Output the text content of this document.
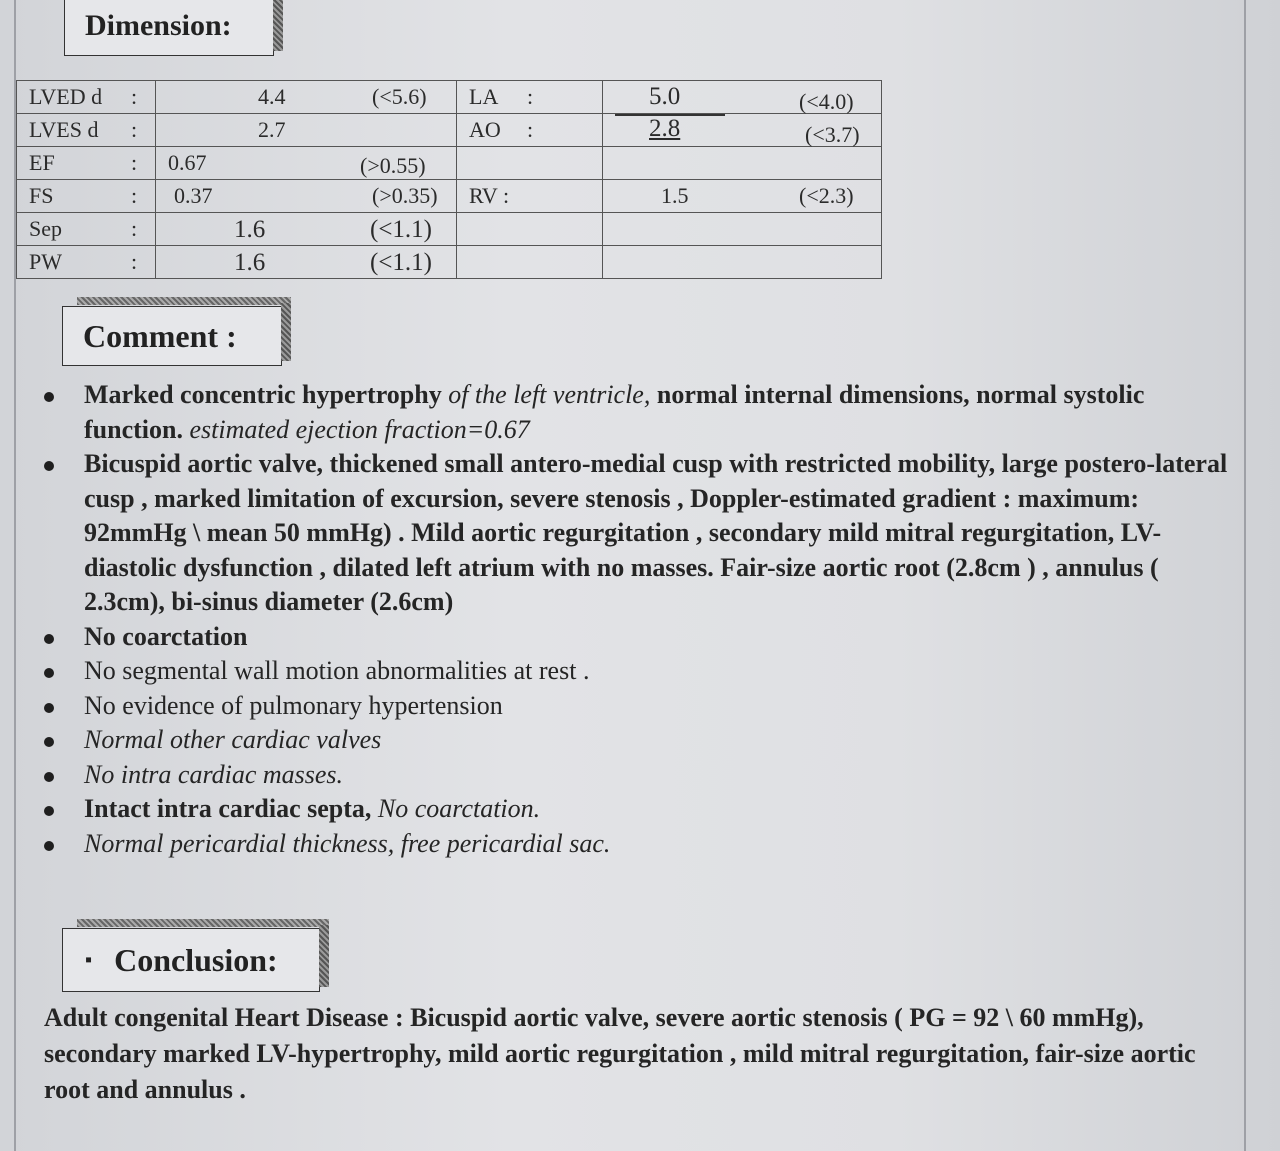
Dimension:
LVED d :	4.4 (<5.6)	LA :	5.0 (<4.0)

LVES d :	2.7	AO :	2.8 (<3.7)

EF :	0.67 (>0.55)		

FS :	0.37 (>0.35)	RV :	1.5 (<2.3)

Sep :	1.6 (<1.1)		

PW :	1.6 (<1.1)		

Comment :
Marked concentric hypertrophy of the left ventricle, normal internal dimensions, normal systolic function. estimated ejection fraction=0.67
Bicuspid aortic valve, thickened small antero-medial cusp with restricted mobility, large postero-lateral cusp , marked limitation of excursion, severe stenosis , Doppler-estimated gradient : maximum: 92mmHg \ mean 50 mmHg) . Mild aortic regurgitation , secondary mild mitral regurgitation, LV- diastolic dysfunction , dilated left atrium with no masses. Fair-size aortic root (2.8cm ) , annulus ( 2.3cm), bi-sinus diameter (2.6cm)
No coarctation
No segmental wall motion abnormalities at rest .
No evidence of pulmonary hypertension
Normal other cardiac valves
No intra cardiac masses.
Intact intra cardiac septa, No coarctation.
Normal pericardial thickness, free pericardial sac.
▪ Conclusion:
Adult congenital Heart Disease : Bicuspid aortic valve, severe aortic stenosis ( PG = 92 \ 60 mmHg), secondary marked LV-hypertrophy, mild aortic regurgitation , mild mitral regurgitation, fair-size aortic root and annulus .
